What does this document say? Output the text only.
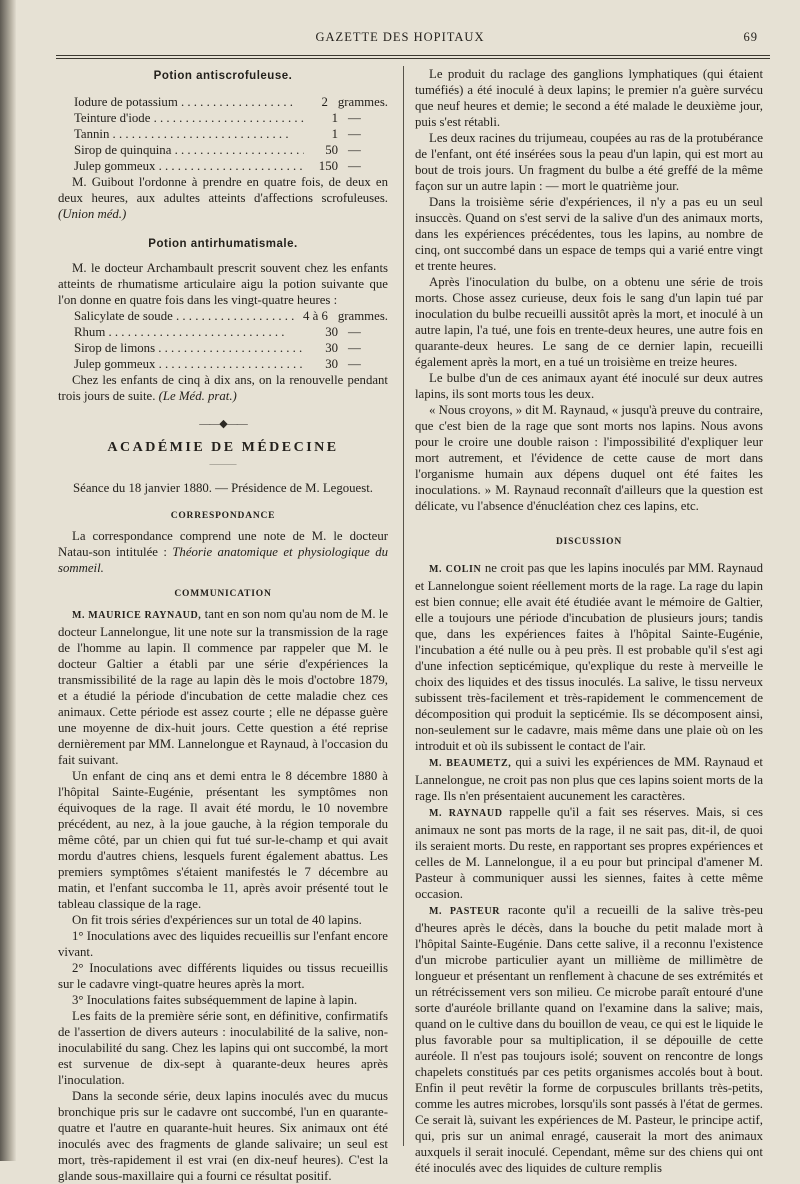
GAZETTE DES HOPITAUX	69
Potion antiscrofuleuse.
Iodure de potassium . . .	2 grammes.
Teinture d'iode . . .	1 —
Tannin . . .	1 —
Sirop de quinquina . . .	50 —
Julep gommeux . . .	150 —

M. Guibout l'ordonne à prendre en quatre fois, de deux en deux heures, aux adultes atteints d'affections scrofuleuses. (Union méd.)

Potion antirhumatismale.

M. le docteur Archambault prescrit souvent chez les enfants atteints de rhumatisme articulaire aigu la potion suivante que l'on donne en quatre fois dans les vingt-quatre heures :

Salicylate de soude . . .	4 à 6 grammes.
Rhum . . .	30 —
Sirop de limons . . .	30 —
Julep gommeux . . .	30 —

Chez les enfants de cinq à dix ans, on la renouvelle pendant trois jours de suite. (Le Méd. prat.)

——◆——
ACADÉMIE DE MÉDECINE
———

Séance du 18 janvier 1880. — Présidence de M. Legouest.

CORRESPONDANCE

La correspondance comprend une note de M. le docteur Natau-son intitulée : Théorie anatomique et physiologique du sommeil.

COMMUNICATION

M. MAURICE RAYNAUD, tant en son nom qu'au nom de M. le docteur Lannelongue, lit une note sur la transmission de la rage de l'homme au lapin. Il commence par rappeler que M. le docteur Galtier a établi par une série d'expériences la transmissibilité de la rage au lapin dès le mois d'octobre 1879, et a étudié la période d'incubation de cette maladie chez ces animaux. Cette période est assez courte ; elle ne dépasse guère une moyenne de dix-huit jours. Cette question a été reprise dernièrement par MM. Lannelongue et Raynaud, à l'occasion du fait suivant.

Un enfant de cinq ans et demi entra le 8 décembre 1880 à l'hôpital Sainte-Eugénie, présentant les symptômes non équivoques de la rage. Il avait été mordu, le 10 novembre précédent, au nez, à la joue gauche, à la région temporale du même côté, par un chien qui fut tué sur-le-champ et qui avait mordu d'autres chiens, lesquels furent également abattus. Les premiers symptômes s'étaient manifestés le 7 décembre au matin, et l'enfant succomba le 11, après avoir présenté tout le tableau classique de la rage.

On fit trois séries d'expériences sur un total de 40 lapins.

1° Inoculations avec des liquides recueillis sur l'enfant encore vivant.

2° Inoculations avec différents liquides ou tissus recueillis sur le cadavre vingt-quatre heures après la mort.

3° Inoculations faites subséquemment de lapine à lapin.

Les faits de la première série sont, en définitive, confirmatifs de l'assertion de divers auteurs : inoculabilité de la salive, non-inoculabilité du sang. Chez les lapins qui ont succombé, la mort est survenue de dix-sept à quarante-deux heures après l'inoculation.

Dans la seconde série, deux lapins inoculés avec du mucus bronchique pris sur le cadavre ont succombé, l'un en quarante-quatre et l'autre en quarante-huit heures. Six animaux ont été inoculés avec des fragments de glande salivaire; un seul est mort, très-rapidement il est vrai (en dix-neuf heures). C'est la glande sous-maxillaire qui a fourni ce résultat positif.

Le produit du raclage des ganglions lymphatiques (qui étaient tuméfiés) a été inoculé à deux lapins; le premier n'a guère survécu que neuf heures et demie; le second a été malade le deuxième jour, puis s'est rétabli.

Les deux racines du trijumeau, coupées au ras de la protubérance de l'enfant, ont été insérées sous la peau d'un lapin, qui est mort au bout de trois jours. Un fragment du bulbe a été greffé de la même façon sur un autre lapin : — mort le quatrième jour.

Dans la troisième série d'expériences, il n'y a pas eu un seul insuccès. Quand on s'est servi de la salive d'un des animaux morts, dans les expériences précédentes, tous les lapins, au nombre de cinq, ont succombé dans un espace de temps qui a varié entre vingt et trente heures.

Après l'inoculation du bulbe, on a obtenu une série de trois morts. Chose assez curieuse, deux fois le sang d'un lapin tué par inoculation du bulbe recueilli aussitôt après la mort, et inoculé à un autre lapin, l'a tué, une fois en trente-deux heures, une autre fois en quarante-deux heures. Le sang de ce dernier lapin, recueilli également après la mort, en a tué un troisième en treize heures.

Le bulbe d'un de ces animaux ayant été inoculé sur deux autres lapins, ils sont morts tous les deux.

« Nous croyons, » dit M. Raynaud, « jusqu'à preuve du contraire, que c'est bien de la rage que sont morts nos lapins. Nous avons pour le croire une double raison : l'impossibilité d'expliquer leur mort autrement, et l'évidence de cette cause de mort dans l'organisme humain aux dépens duquel ont été faites les inoculations. » M. Raynaud reconnaît d'ailleurs que la question est délicate, vu l'absence d'énucléation chez ces lapins, etc.

DISCUSSION

M. COLIN ne croit pas que les lapins inoculés par MM. Raynaud et Lannelongue soient réellement morts de la rage. La rage du lapin est bien connue; elle avait été étudiée avant le mémoire de Galtier, elle a toujours une période d'incubation de plusieurs jours; tandis que, dans les expériences faites à l'hôpital Sainte-Eugénie, l'incubation a été nulle ou à peu près. Il est probable qu'il s'est agi d'une infection septicémique, qu'explique du reste à merveille le choix des liquides et des tissus inoculés. La salive, le tissu nerveux subissent très-facilement et très-rapidement le commencement de décomposition qui produit la septicémie. Ils se décomposent ainsi, non-seulement sur le cadavre, mais même dans une plaie où on les introduit et où ils subissent le contact de l'air.

M. BEAUMETZ, qui a suivi les expériences de MM. Raynaud et Lannelongue, ne croit pas non plus que ces lapins soient morts de la rage. Ils n'en présentaient aucunement les caractères.

M. RAYNAUD rappelle qu'il a fait ses réserves. Mais, si ces animaux ne sont pas morts de la rage, il ne sait pas, dit-il, de quoi ils seraient morts. Du reste, en rapportant ses propres expériences et celles de M. Lannelongue, il a eu pour but principal d'amener M. Pasteur à communiquer aussi les siennes, faites à cette même occasion.

M. PASTEUR raconte qu'il a recueilli de la salive très-peu d'heures après le décès, dans la bouche du petit malade mort à l'hôpital Sainte-Eugénie. Dans cette salive, il a reconnu l'existence d'un microbe particulier ayant un millième de millimètre de longueur et présentant un renflement à chacune de ses extrémités et un rétrécissement vers son milieu. Ce microbe paraît entouré d'une sorte d'auréole brillante quand on l'examine dans la salive; mais, quand on le cultive dans du bouillon de veau, ce qui est le liquide le plus favorable pour sa multiplication, il se dépouille de cette auréole. Il n'est pas toujours isolé; souvent on rencontre de longs chapelets constitués par ces petits organismes accolés bout à bout. Enfin il peut revêtir la forme de corpuscules brillants très-petits, comme les autres microbes, lorsqu'ils sont passés à l'état de germes. Ce serait là, suivant les expériences de M. Pasteur, le principe actif, qui, pris sur un animal enragé, causerait la mort des animaux auxquels il serait inoculé. Cependant, même sur des chiens qui ont été inoculés avec des liquides de culture remplis
